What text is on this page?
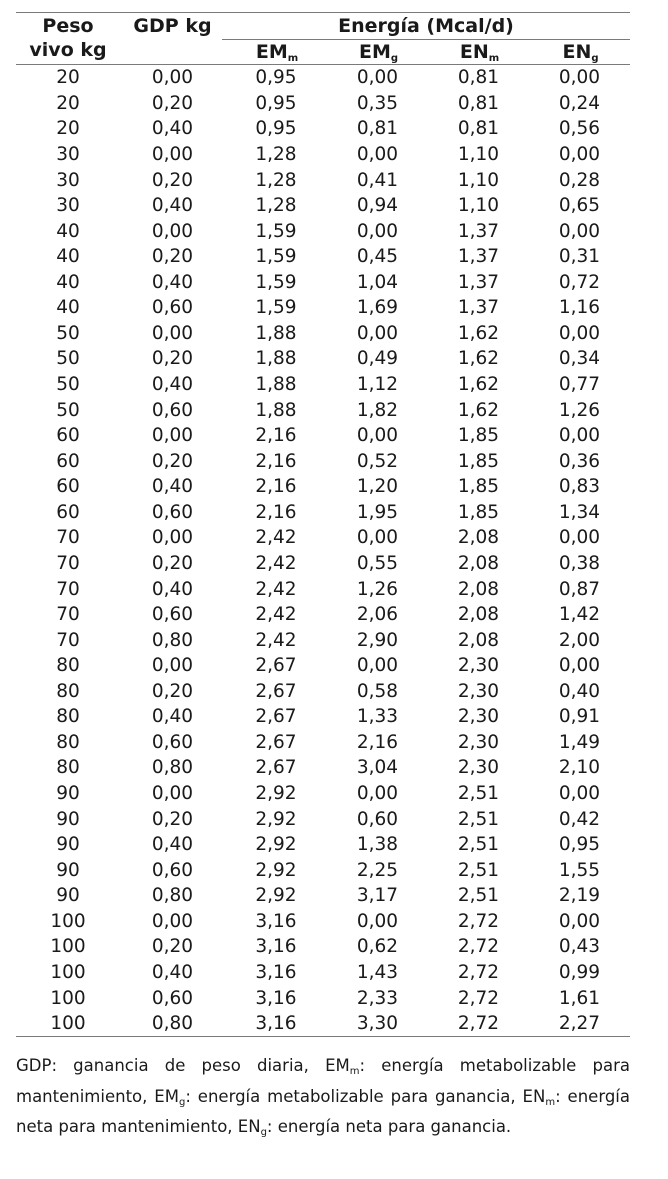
Peso
vivo kg
GDP kg	Energía (Mcal/d)
$EM_m$	$EM_g$	$EN_m$	$EN_g$
20	0,00	0,95	0,00	0,81	0,00
20	0,20	0,95	0,35	0,81	0,24
20	0,40	0,95	0,81	0,81	0,56
30	0,00	1,28	0,00	1,10	0,00
30	0,20	1,28	0,41	1,10	0,28
30	0,40	1,28	0,94	1,10	0,65
40	0,00	1,59	0,00	1,37	0,00
40	0,20	1,59	0,45	1,37	0,31
40	0,40	1,59	1,04	1,37	0,72
40	0,60	1,59	1,69	1,37	1,16
50	0,00	1,88	0,00	1,62	0,00
50	0,20	1,88	0,49	1,62	0,34
50	0,40	1,88	1,12	1,62	0,77
50	0,60	1,88	1,82	1,62	1,26
60	0,00	2,16	0,00	1,85	0,00
60	0,20	2,16	0,52	1,85	0,36
60	0,40	2,16	1,20	1,85	0,83
60	0,60	2,16	1,95	1,85	1,34
70	0,00	2,42	0,00	2,08	0,00
70	0,20	2,42	0,55	2,08	0,38
70	0,40	2,42	1,26	2,08	0,87
70	0,60	2,42	2,06	2,08	1,42
70	0,80	2,42	2,90	2,08	2,00
80	0,00	2,67	0,00	2,30	0,00
80	0,20	2,67	0,58	2,30	0,40
80	0,40	2,67	1,33	2,30	0,91
80	0,60	2,67	2,16	2,30	1,49
80	0,80	2,67	3,04	2,30	2,10
90	0,00	2,92	0,00	2,51	0,00
90	0,20	2,92	0,60	2,51	0,42
90	0,40	2,92	1,38	2,51	0,95
90	0,60	2,92	2,25	2,51	1,55
90	0,80	2,92	3,17	2,51	2,19
100	0,00	3,16	0,00	2,72	0,00
100	0,20	3,16	0,62	2,72	0,43
100	0,40	3,16	1,43	2,72	0,99
100	0,60	3,16	2,33	2,72	1,61
100	0,80	3,16	3,30	2,72	2,27
GDP: ganancia de peso diaria, $EM_m$: energía metabolizable para mantenimiento, $EM_g$: energía metabolizable para ganancia, $EN_m$: energía neta para mantenimiento, $EN_g$: energía neta para ganancia.
